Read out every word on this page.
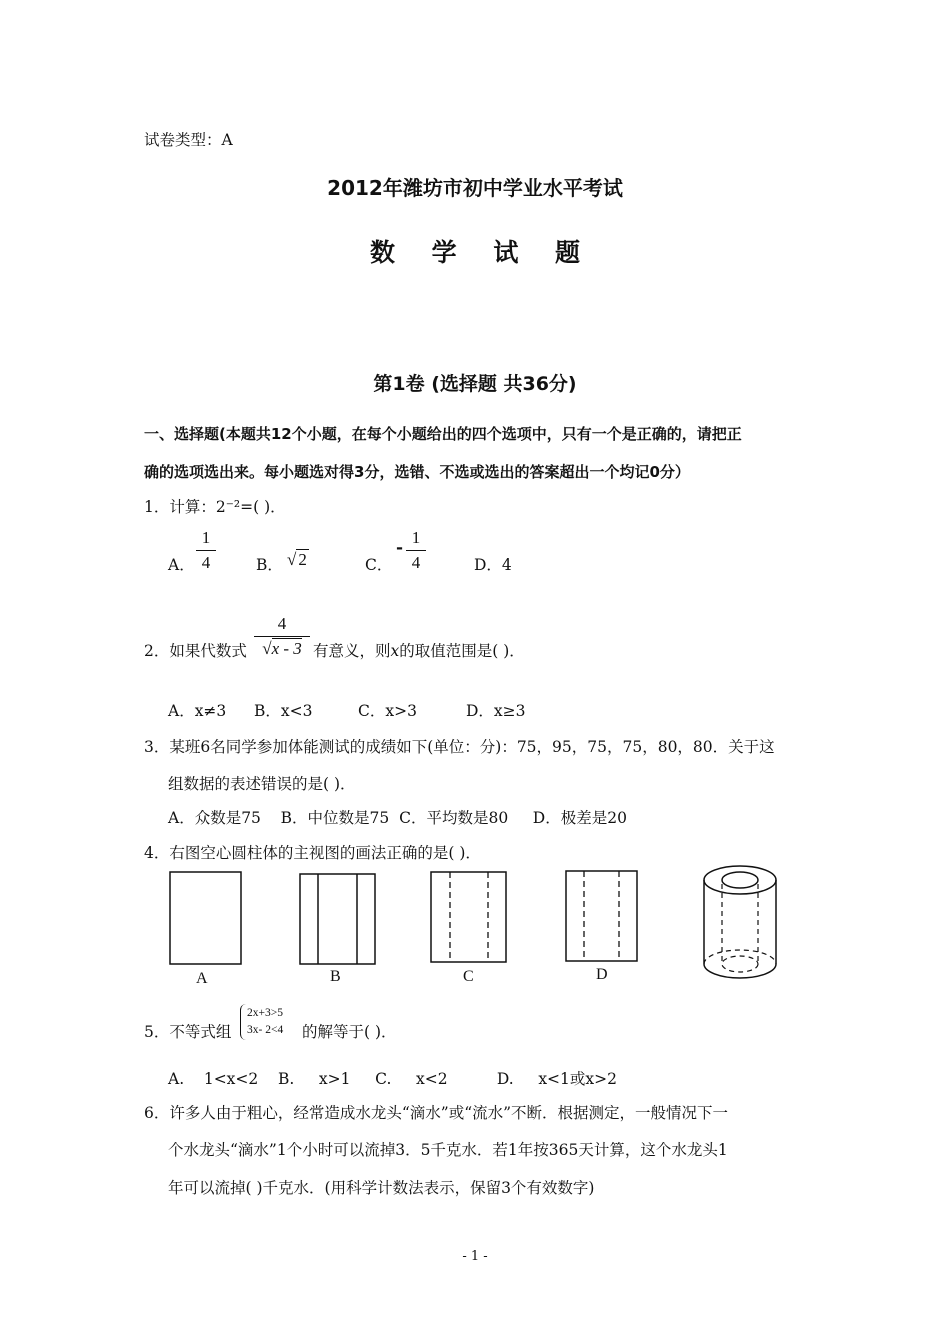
试卷类型：A
2012年潍坊市初中学业水平考试
数 学 试 题
第1卷 (选择题 共36分)
一、选择题(本题共12个小题，在每个小题给出的四个选项中，只有一个是正确的，请把正
确的选项选出来。每小题选对得3分，选错、不选或选出的答案超出一个均记0分）
1．计算：2⁻²=( )．
A．
1
4	B． √ 2	C．
-
1
4	D．4
2．如果代数式
4
√x - 3 有意义，则x的取值范围是( )．
A．x≠3 B．x<3	C．x>3	D．x≥3
3．某班6名同学参加体能测试的成绩如下(单位：分)：75，95，75，75，80，80．关于这
组数据的表述错误的是( )．
A．众数是75    B．中位数是75  C．平均数是80     D．极差是20
4．右图空心圆柱体的主视图的画法正确的是( )．
A	B	C	D
5．不等式组
2x+3>5
3x- 2<4 的解等于( )．
A.    1<x<2    B.     x>1     C.     x<2          D.     x<1或x>2
6．许多人由于粗心，经常造成水龙头“滴水”或“流水”不断．根据测定，一般情况下一
个水龙头“滴水”1个小时可以流掉3．5千克水．若1年按365天计算，这个水龙头1
年可以流掉( )千克水．(用科学计数法表示，保留3个有效数字)
- 1 -
